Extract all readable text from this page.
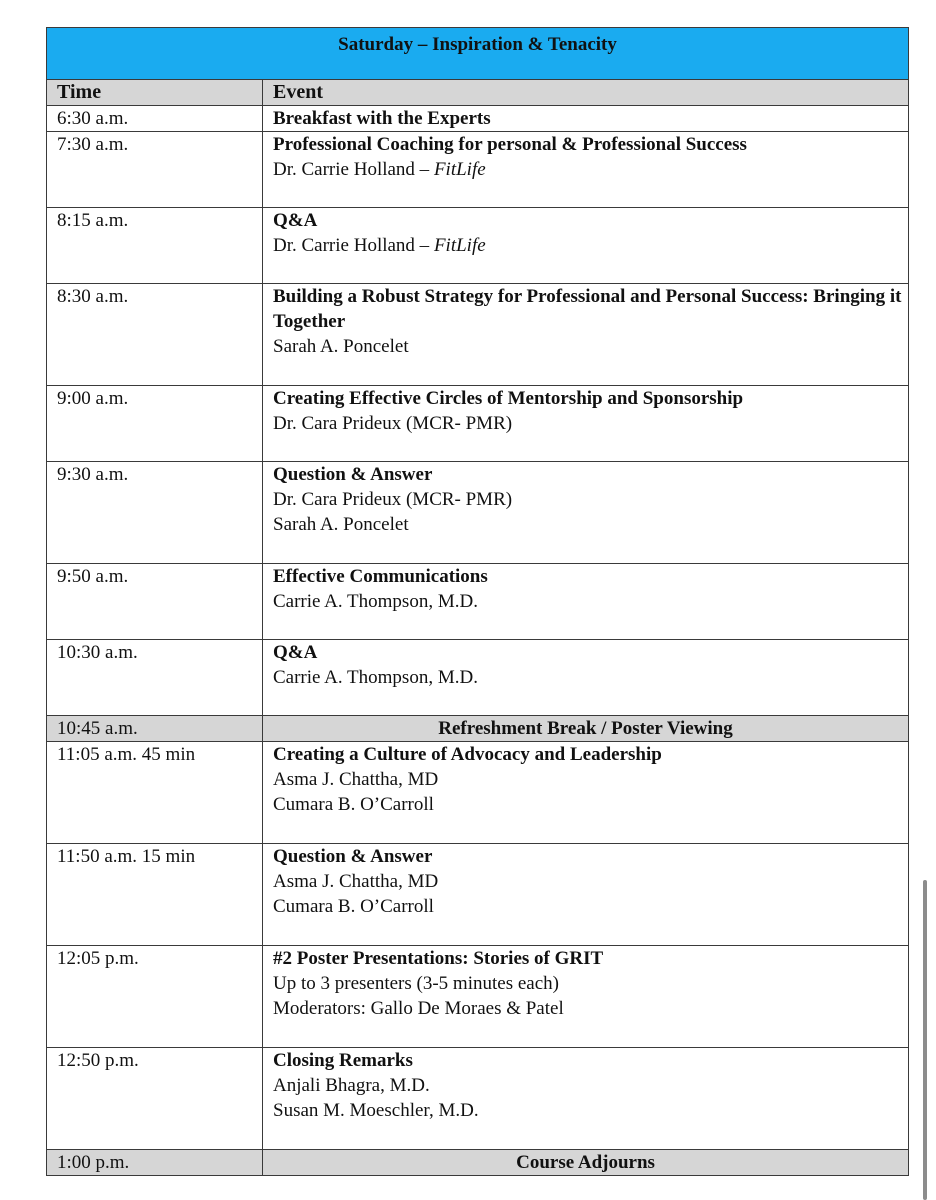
Saturday – Inspiration & Tenacity	
Time	Event
6:30 a.m.	Breakfast with the Experts
7:30 a.m.	Professional Coaching for personal & Professional Success
Dr. Carrie Holland – FitLife

8:15 a.m.	Q&A
Dr. Carrie Holland – FitLife

8:30 a.m.	Building a Robust Strategy for Professional and Personal Success: Bringing it Together
Sarah A. Poncelet

9:00 a.m.	Creating Effective Circles of Mentorship and Sponsorship
Dr. Cara Prideux (MCR- PMR)

9:30 a.m.	Question & Answer
Dr. Cara Prideux (MCR- PMR)
Sarah A. Poncelet

9:50 a.m.	Effective Communications
Carrie A. Thompson, M.D.

10:30 a.m.	Q&A
Carrie A. Thompson, M.D.

10:45 a.m.	Refreshment Break / Poster Viewing
11:05 a.m. 45 min	Creating a Culture of Advocacy and Leadership
Asma J. Chattha, MD
Cumara B. O’Carroll

11:50 a.m. 15 min	Question & Answer
Asma J. Chattha, MD
Cumara B. O’Carroll

12:05 p.m.	#2 Poster Presentations: Stories of GRIT
Up to 3 presenters (3-5 minutes each)
Moderators: Gallo De Moraes & Patel

12:50 p.m.	Closing Remarks
Anjali Bhagra, M.D.
Susan M. Moeschler, M.D.

1:00 p.m.	Course Adjourns
